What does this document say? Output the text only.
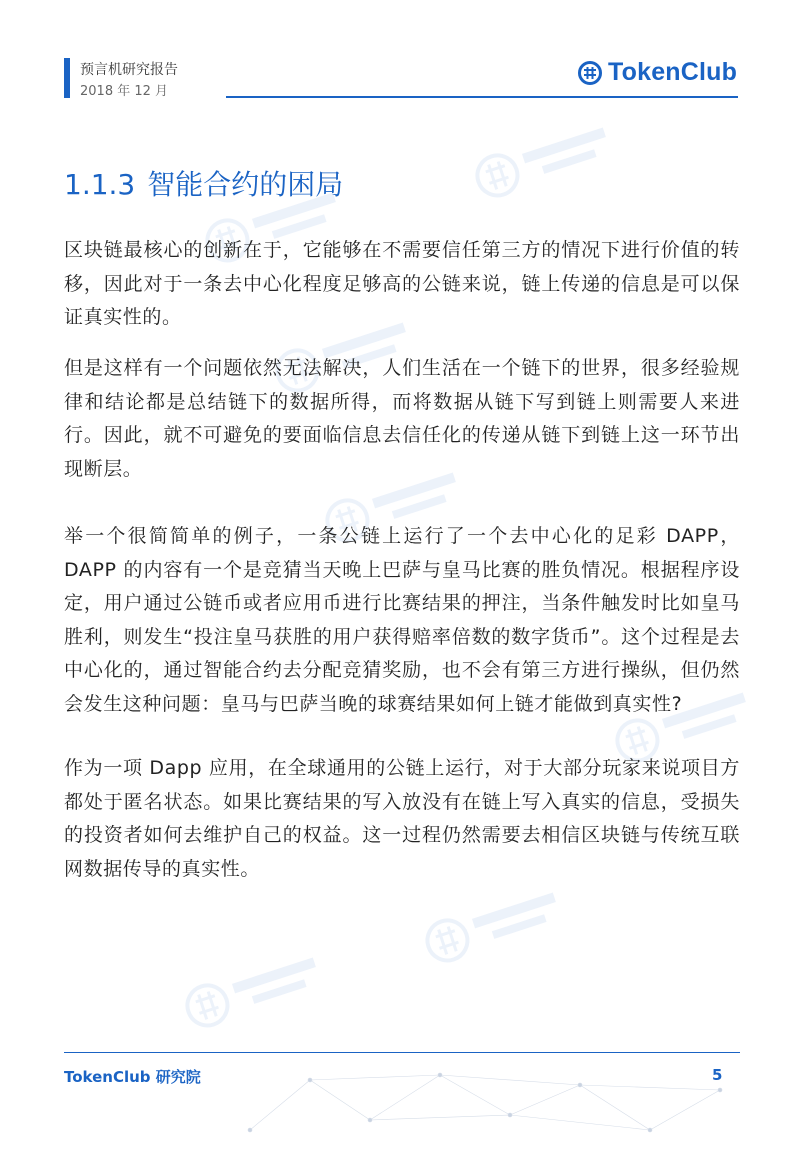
预言机研究报告
2018 年 12 月
TokenClub
1.1.3 智能合约的困局

区块链最核心的创新在于，它能够在不需要信任第三方的情况下进行价值的转移，因此对于一条去中心化程度足够高的公链来说，链上传递的信息是可以保证真实性的。

但是这样有一个问题依然无法解决，人们生活在一个链下的世界，很多经验规律和结论都是总结链下的数据所得，而将数据从链下写到链上则需要人来进行。因此，就不可避免的要面临信息去信任化的传递从链下到链上这一环节出现断层。

举一个很简简单的例子，一条公链上运行了一个去中心化的足彩 DAPP，DAPP 的内容有一个是竞猜当天晚上巴萨与皇马比赛的胜负情况。根据程序设定，用户通过公链币或者应用币进行比赛结果的押注，当条件触发时比如皇马胜利，则发生“投注皇马获胜的用户获得赔率倍数的数字货币”。这个过程是去中心化的，通过智能合约去分配竞猜奖励，也不会有第三方进行操纵，但仍然会发生这种问题：皇马与巴萨当晚的球赛结果如何上链才能做到真实性?

作为一项 Dapp 应用，在全球通用的公链上运行，对于大部分玩家来说项目方都处于匿名状态。如果比赛结果的写入放没有在链上写入真实的信息，受损失的投资者如何去维护自己的权益。这一过程仍然需要去相信区块链与传统互联网数据传导的真实性。

TokenClub 研究院	5
